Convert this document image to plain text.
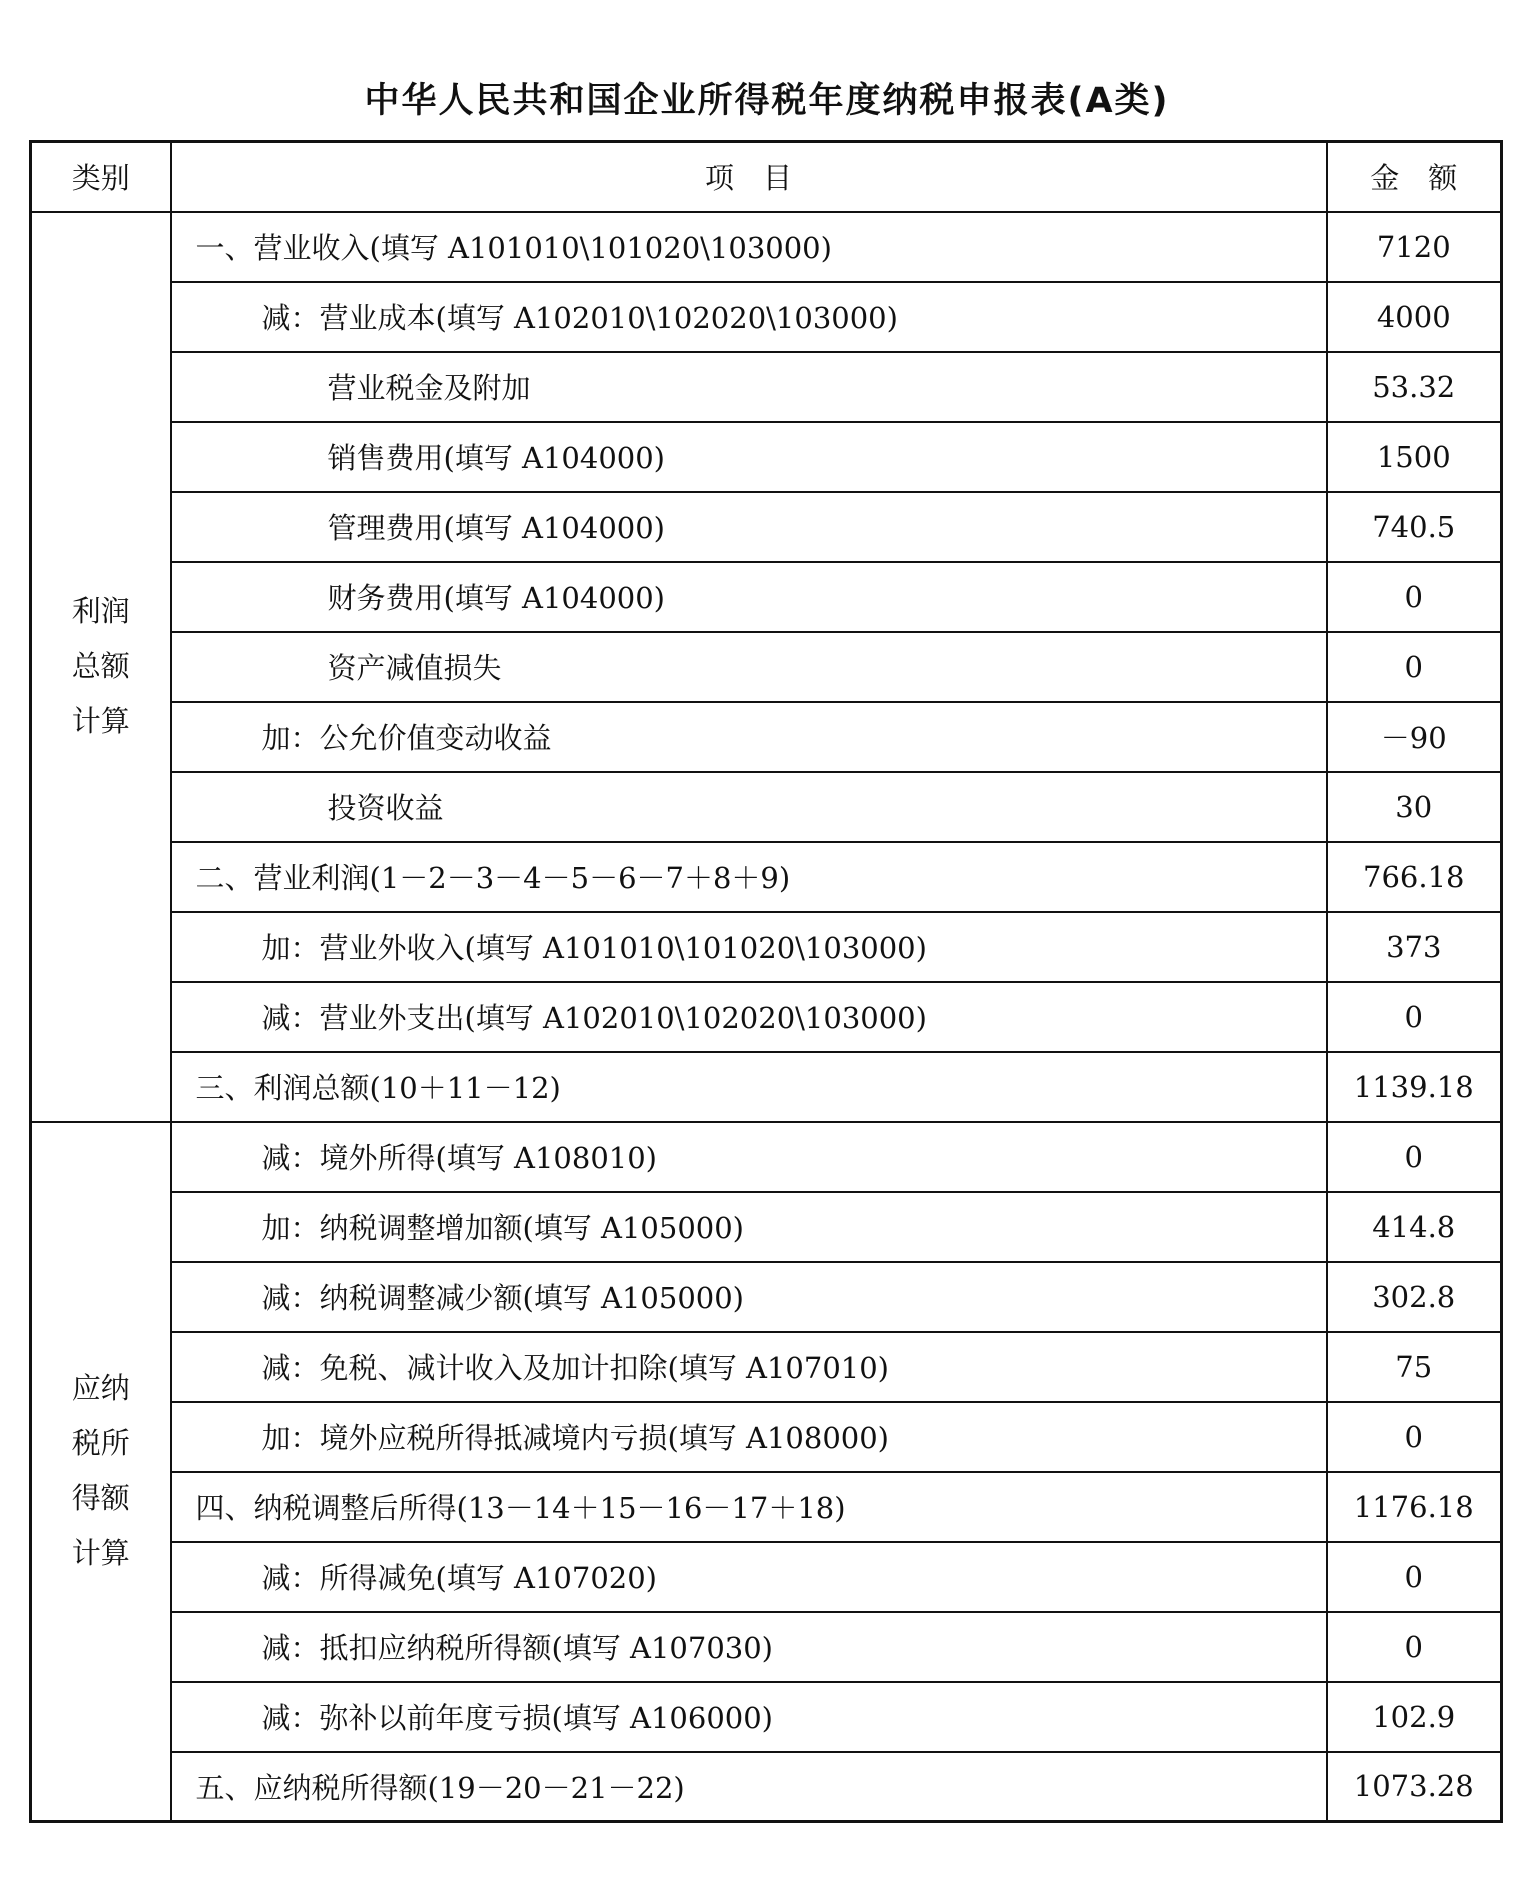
中华人民共和国企业所得税年度纳税申报表(A类)
类别	项　目	金　额
利润总额计算	一、营业收入(填写 A101010\101020\103000)	7120
	减：营业成本(填写 A102010\102020\103000)	4000
	营业税金及附加	53.32
	销售费用(填写 A104000)	1500
	管理费用(填写 A104000)	740.5
	财务费用(填写 A104000)	0
	资产减值损失	0
	加：公允价值变动收益	－90
	投资收益	30
	二、营业利润(1－2－3－4－5－6－7＋8＋9)	766.18
	加：营业外收入(填写 A101010\101020\103000)	373
	减：营业外支出(填写 A102010\102020\103000)	0
	三、利润总额(10＋11－12)	1139.18
应纳税所得额计算	减：境外所得(填写 A108010)	0
	加：纳税调整增加额(填写 A105000)	414.8
	减：纳税调整减少额(填写 A105000)	302.8
	减：免税、减计收入及加计扣除(填写 A107010)	75
	加：境外应税所得抵减境内亏损(填写 A108000)	0
	四、纳税调整后所得(13－14＋15－16－17＋18)	1176.18
	减：所得减免(填写 A107020)	0
	减：抵扣应纳税所得额(填写 A107030)	0
	减：弥补以前年度亏损(填写 A106000)	102.9
	五、应纳税所得额(19－20－21－22)	1073.28
